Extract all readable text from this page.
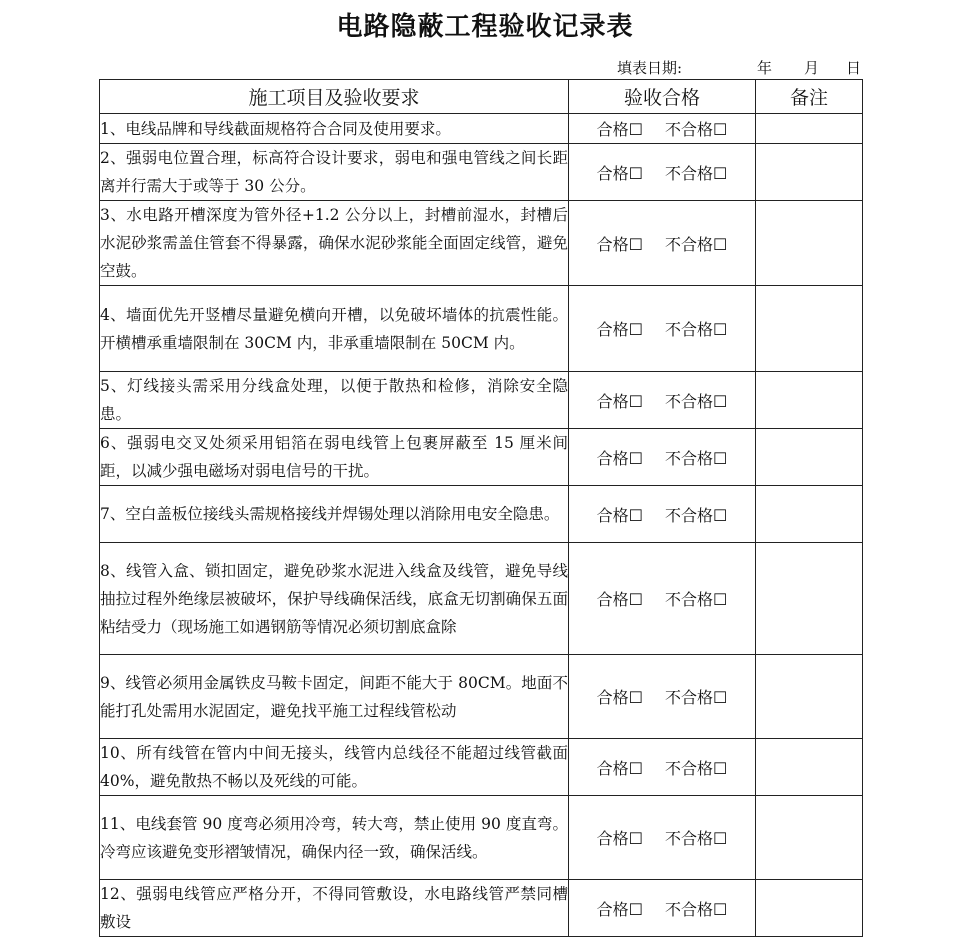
电路隐蔽工程验收记录表
填表日期:	年 月 日
施工项目及验收要求	验收合格	备注
1、电线品牌和导线截面规格符合合同及使用要求。	合格☐ 不合格☐	
2、强弱电位置合理，标高符合设计要求，弱电和强电管线之间长距离并行需大于或等于 30 公分。	合格☐ 不合格☐	
3、水电路开槽深度为管外径+1.2 公分以上，封槽前湿水，封槽后水泥砂浆需盖住管套不得暴露，确保水泥砂浆能全面固定线管，避免空鼓。	合格☐ 不合格☐	
4、墙面优先开竖槽尽量避免横向开槽，以免破坏墙体的抗震性能。开横槽承重墙限制在 30CM 内，非承重墙限制在 50CM 内。	合格☐ 不合格☐	
5、灯线接头需采用分线盒处理，以便于散热和检修，消除安全隐患。	合格☐ 不合格☐	
6、强弱电交叉处须采用铝箔在弱电线管上包裹屏蔽至 15 厘米间距，以减少强电磁场对弱电信号的干扰。	合格☐ 不合格☐	
7、空白盖板位接线头需规格接线并焊锡处理以消除用电安全隐患。	合格☐ 不合格☐	
8、线管入盒、锁扣固定，避免砂浆水泥进入线盒及线管，避免导线抽拉过程外绝缘层被破坏，保护导线确保活线，底盒无切割确保五面粘结受力（现场施工如遇钢筋等情况必须切割底盒除	合格☐ 不合格☐	
9、线管必须用金属铁皮马鞍卡固定，间距不能大于 80CM。地面不能打孔处需用水泥固定，避免找平施工过程线管松动	合格☐ 不合格☐	
10、所有线管在管内中间无接头，线管内总线径不能超过线管截面 40%，避免散热不畅以及死线的可能。	合格☐ 不合格☐	
11、电线套管 90 度弯必须用冷弯，转大弯，禁止使用 90 度直弯。冷弯应该避免变形褶皱情况，确保内径一致，确保活线。	合格☐ 不合格☐	
12、强弱电线管应严格分开，不得同管敷设，水电路线管严禁同槽敷设	合格☐ 不合格☐	
